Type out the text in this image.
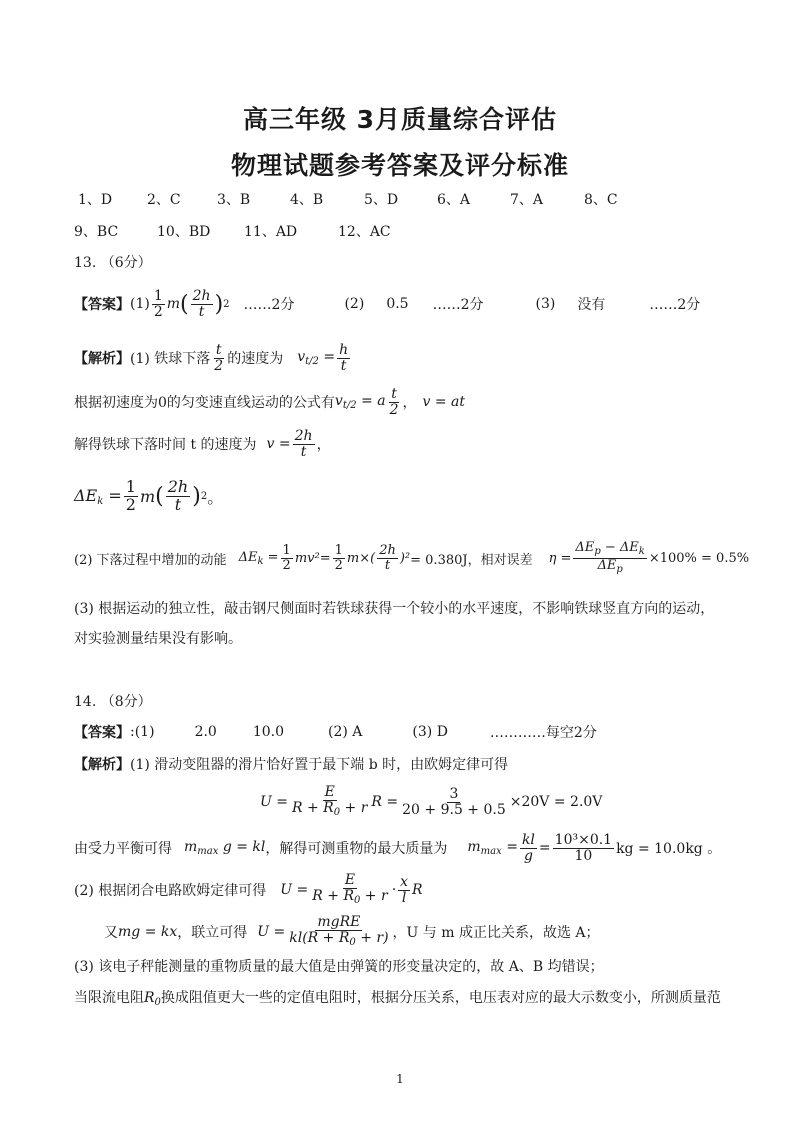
高三年级 3月质量综合评估
物理试题参考答案及评分标准
1、D 2、C	3、B	4、B	5、D	6、A	7、A	8、C
9、BC	10、BD 11、AD	12、AC
13. （6分）
【答案】 $(1) \frac{1}{2}$ m ( $\frac{2h}{t}$ ) 2 ……2分	(2) 0.5 ……2分	(3) 没有	……2分
【解析】 (1) 铁球下落 $\frac{t}{2}$ 的速度为 $v_{t/2} = \frac{h}{t}$
根据初速度为0的匀变速直线运动的公式有 $v_{t/2} = a \frac{t}{2}$ ， v = at
解得铁球下落时间 t 的速度为 $v = \frac{2h}{t}$ ，
$\Delta E_k = \frac{1}{2}$ m ( $\frac{2h}{t}$ ) 2 。
(2) 下落过程中增加的动能 $\Delta E_k = \frac{1}{2} mv^2= \frac{1}{2} m\times( \frac{2h}{t} )^2 = 0.380J$，相对误差 $\eta = \frac{\Delta E_p - \Delta E_k}{\Delta E_p} \times 100\% = 0.5\%$
(3) 根据运动的独立性，敲击钢尺侧面时若铁球获得一个较小的水平速度，不影响铁球竖直方向的运动，
对实验测量结果没有影响。
14. （8分）
【答案】 :(1)	2.0	10.0	(2) A	(3) D	…………每空2分
【解析】(1) 滑动变阻器的滑片恰好置于最下端 b 时，由欧姆定律可得
$U = \frac{E}{R + R_0 + r}$ $R = \frac{3}{20 + 9.5 + 0.5} \times 20V = 2.0V$
由受力平衡可得 $m_{max}$ g = kl ，解得可测重物的最大质量为 $m_{max} = \frac{kl}{g} = \frac{\text{10³×0.1}}{10}$ kg = 10.0kg 。
(2) 根据闭合电路欧姆定律可得 $U = \frac{E}{R + R_0 + r} \cdot \frac{x}{l}$ R
又 mg = kx ，联立可得 $U = \frac{\text{mgRE}}{kl(R + R_0 + r)}$ ，U 与 m 成正比关系，故选 A；
(3) 该电子秤能测量的重物质量的最大值是由弹簧的形变量决定的，故 A、B 均错误；
当限流电阻$R_0$换成阻值更大一些的定值电阻时，根据分压关系，电压表对应的最大示数变小，所测质量范
1
